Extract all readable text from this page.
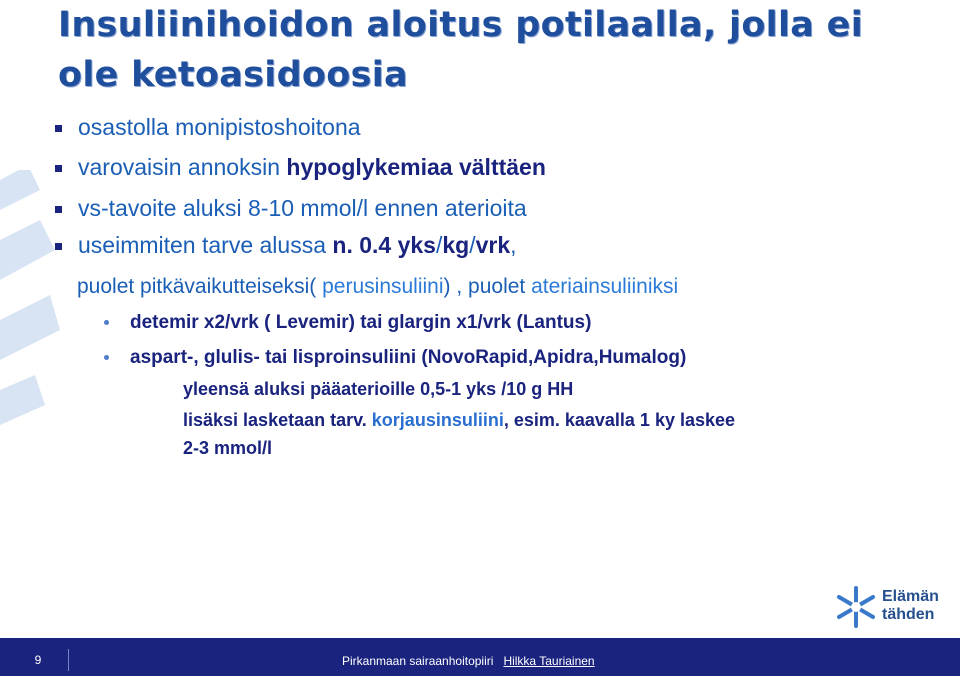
Insuliinihoidon aloitus potilaalla, jolla ei
ole ketoasidoosia
osastolla monipistoshoitona
varovaisin annoksin hypoglykemiaa välttäen
vs-tavoite aluksi 8-10 mmol/l ennen aterioita
useimmiten tarve alussa n. 0.4 yks/kg/vrk,
puolet pitkävaikutteiseksi( perusinsuliini) , puolet ateriainsuliiniksi
detemir x2/vrk ( Levemir) tai glargin x1/vrk (Lantus)
aspart-, glulis- tai lisproinsuliini (NovoRapid,Apidra,Humalog)
yleensä aluksi pääaterioille 0,5-1 yks /10 g HH
lisäksi lasketaan tarv. korjausinsuliini, esim. kaavalla 1 ky laskee
2-3 mmol/l
Elämän
tähden
9	Pirkanmaan sairaanhoitopiiri Hilkka Tauriainen
